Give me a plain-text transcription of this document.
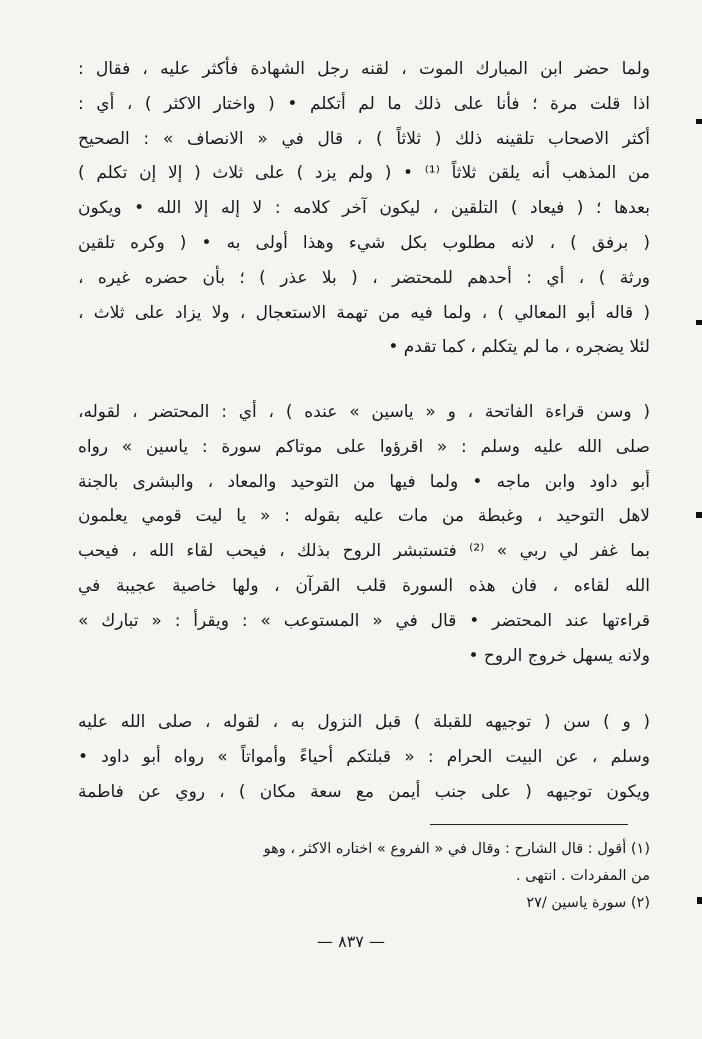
ولما حضر ابن المبارك الموت ، لقنه رجل الشهادة فأكثر عليه ، فقال :
اذا قلت مرة ؛ فأنا على ذلك ما لم أتكلم • ( واختار الاكثر ) ، أي :
أكثر الاصحاب تلقينه ذلك ( ثلاثاً ) ، قال في « الانصاف » : الصحيح
من المذهب أنه يلقن ثلاثاً ⁽¹⁾ • ( ولم يزد ) على ثلاث ( إلا إن تكلم )
بعدها ؛ ( فيعاد ) التلقين ، ليكون آخر كلامه : لا إله إلا الله • ويكون
( برفق ) ، لانه مطلوب بكل شيء وهذا أولى به • ( وكره تلقين
ورثة ) ، أي : أحدهم للمحتضر ، ( بلا عذر ) ؛ بأن حضره غيره ،
( قاله أبو المعالي ) ، ولما فيه من تهمة الاستعجال ، ولا يزاد على ثلاث ،
لئلا يضجره ، ما لم يتكلم ، كما تقدم •
( وسن قراءة الفاتحة ، و « ياسين » عنده ) ، أي : المحتضر ، لقوله،
صلى الله عليه وسلم : « اقرؤوا على موتاكم سورة : ياسين » رواه
أبو داود وابن ماجه • ولما فيها من التوحيد والمعاد ، والبشرى بالجنة
لاهل التوحيد ، وغبطة من مات عليه بقوله : « يا ليت قومي يعلمون
بما غفر لي ربي » ⁽²⁾ فتستبشر الروح بذلك ، فيحب لقاء الله ، فيحب
الله لقاءه ، فان هذه السورة قلب القرآن ، ولها خاصية عجيبة في
قراءتها عند المحتضر • قال في « المستوعب » : ويقرأ : « تبارك »
ولانه يسهل خروج الروح •
( و ) سن ( توجيهه للقبلة ) قبل النزول به ، لقوله ، صلى الله عليه
وسلم ، عن البيت الحرام : « قبلتكم أحياءً وأمواتاً » رواه أبو داود •
ويكون توجيهه ( على جنب أيمن مع سعة مكان ) ، روي عن فاطمة
(١) أقول : قال الشارح : وقال في « الفروع » اختاره الاكثر ، وهو
من المفردات . انتهى .
(٢) سورة ياسين /٢٧
— ٨٣٧ —
